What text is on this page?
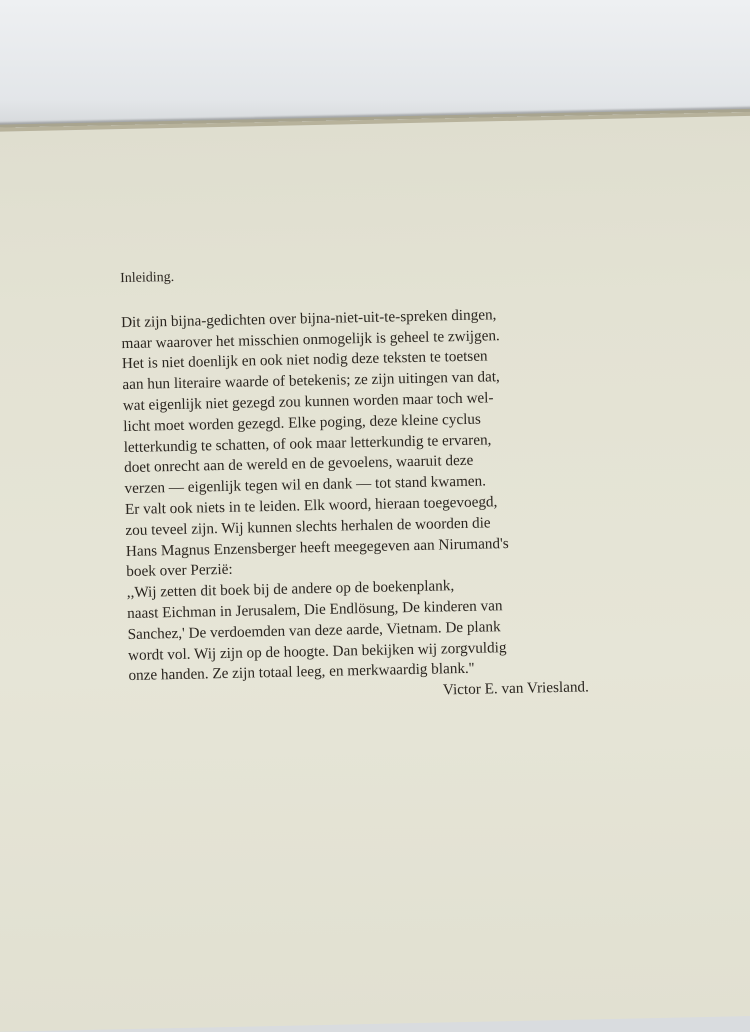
Inleiding.
Dit zijn bijna-gedichten over bijna-niet-uit-te-spreken dingen,
maar waarover het misschien onmogelijk is geheel te zwijgen.
Het is niet doenlijk en ook niet nodig deze teksten te toetsen
aan hun literaire waarde of betekenis; ze zijn uitingen van dat,
wat eigenlijk niet gezegd zou kunnen worden maar toch wel-
licht moet worden gezegd. Elke poging, deze kleine cyclus
letterkundig te schatten, of ook maar letterkundig te ervaren,
doet onrecht aan de wereld en de gevoelens, waaruit deze
verzen — eigenlijk tegen wil en dank — tot stand kwamen.
Er valt ook niets in te leiden. Elk woord, hieraan toegevoegd,
zou teveel zijn. Wij kunnen slechts herhalen de woorden die
Hans Magnus Enzensberger heeft meegegeven aan Nirumand's
boek over Perzië:
,,Wij zetten dit boek bij de andere op de boekenplank,
naast Eichman in Jerusalem, Die Endlösung, De kinderen van
Sanchez,' De verdoemden van deze aarde, Vietnam. De plank
wordt vol. Wij zijn op de hoogte. Dan bekijken wij zorgvuldig
onze handen. Ze zijn totaal leeg, en merkwaardig blank.''
Victor E. van Vriesland.
